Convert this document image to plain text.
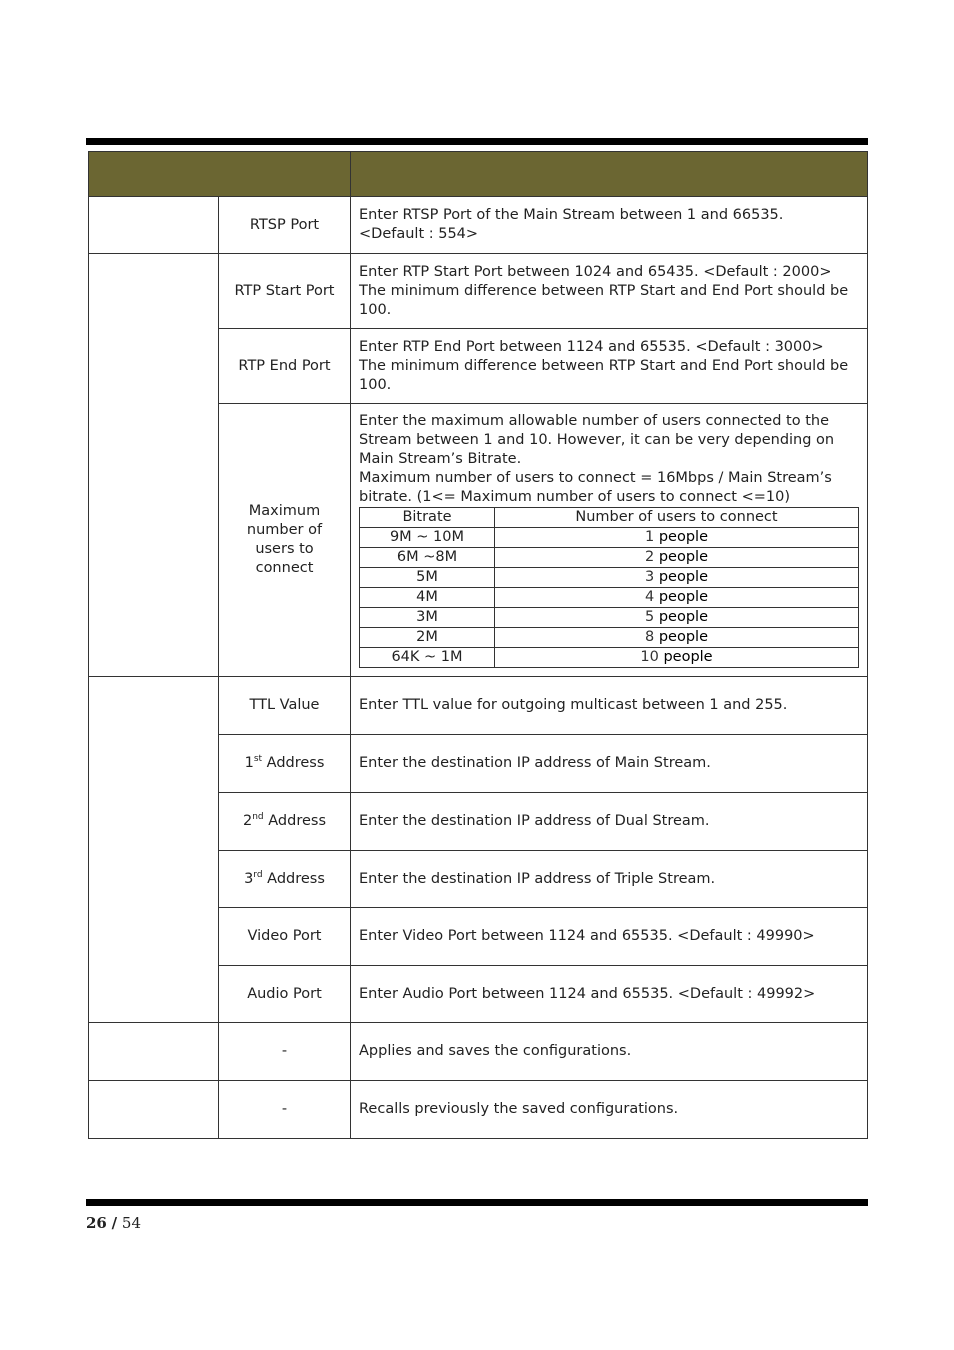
	RTSP Port	
Enter RTSP Port of the Main Stream between 1 and 66535.
<Default : 554>

	RTP Start Port	
Enter RTP Start Port between 1024 and 65435. <Default : 2000>
The minimum difference between RTP Start and End Port should be 100.

RTP End Port	
Enter RTP End Port between 1124 and 65535. <Default : 3000>
The minimum difference between RTP Start and End Port should be 100.

Maximum number of users to connect	
Enter the maximum allowable number of users connected to the Stream between 1 and 10. However, it can be very depending on Main Stream’s Bitrate.
Maximum number of users to connect = 16Mbps / Main Stream’s bitrate. (1<= Maximum number of users to connect <=10)
Bitrate	Number of users to connect
9M ~ 10M	1 people
6M ~8M	2 people
5M	3 people
4M	4 people
3M	5 people
2M	8 people
64K ~ 1M	10 people

	TTL Value	Enter TTL value for outgoing multicast between 1 and 255.
1st Address	Enter the destination IP address of Main Stream.
2nd Address	Enter the destination IP address of Dual Stream.
3rd Address	Enter the destination IP address of Triple Stream.
Video Port	Enter Video Port between 1124 and 65535. <Default : 49990>
Audio Port	Enter Audio Port between 1124 and 65535. <Default : 49992>
	-	Applies and saves the configurations.
	-	Recalls previously the saved configurations.
26 / 54
